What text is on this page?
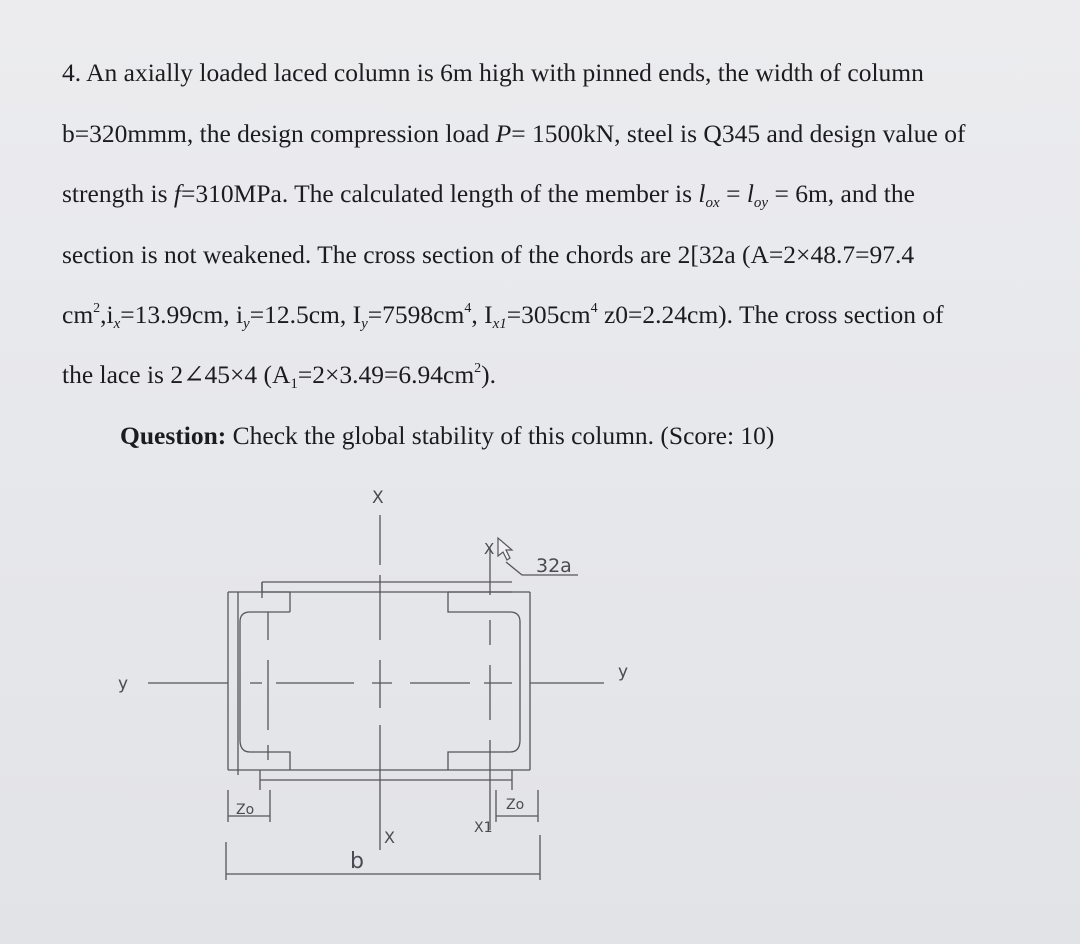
4. An axially loaded laced column is 6m high with pinned ends, the width of column
b=320mmm, the design compression load P= 1500kN, steel is Q345 and design value of
strength is f=310MPa. The calculated length of the member is $l_{ox} = l_{oy} = 6m$, and the
section is not weakened. The cross section of the chords are 2[32a (A=2×48.7=97.4
$cm^2,i_x=13.99cm$, $i_y=12.5cm$, $I_y=7598cm^4$, $I_{x1}=305cm^4$ z0=2.24cm). The cross section of
the lace is 2∠45×4 $(A_1=2\times 3.49=6.94cm^2)$.
Question: Check the global stability of this column. (Score: 10)
X
X
32a
y
y
Zo	Zo
X	X1
b
